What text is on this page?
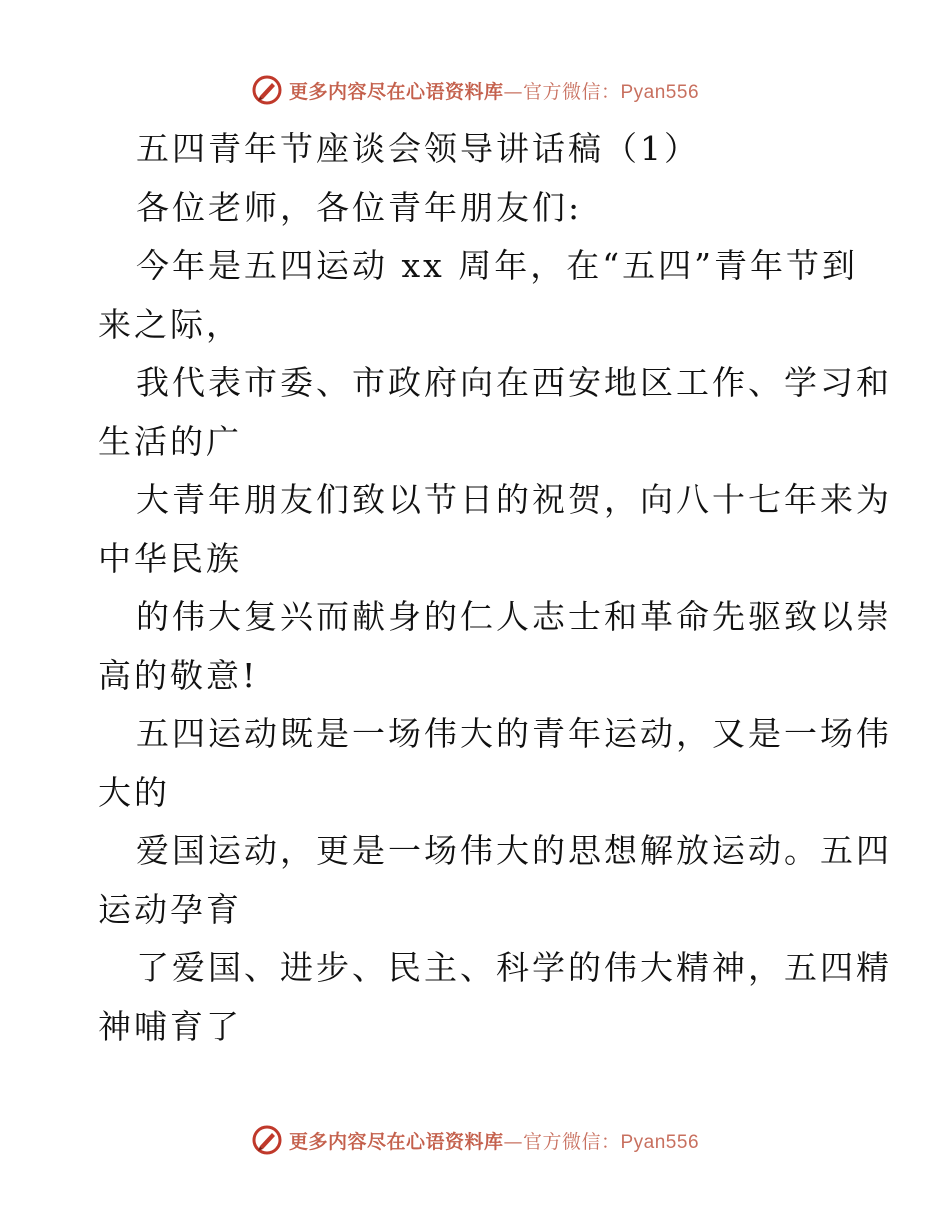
更多内容尽在心语资料库—官方微信：Pyan556
五四青年节座谈会领导讲话稿（1）
各位老师，各位青年朋友们:
今年是五四运动 xx 周年，在“五四”青年节到
来之际，
我代表市委、市政府向在西安地区工作、学习和
生活的广
大青年朋友们致以节日的祝贺，向八十七年来为
中华民族
的伟大复兴而献身的仁人志士和革命先驱致以崇
高的敬意!
五四运动既是一场伟大的青年运动，又是一场伟
大的
爱国运动，更是一场伟大的思想解放运动。五四
运动孕育
了爱国、进步、民主、科学的伟大精神，五四精
神哺育了
更多内容尽在心语资料库—官方微信：Pyan556
